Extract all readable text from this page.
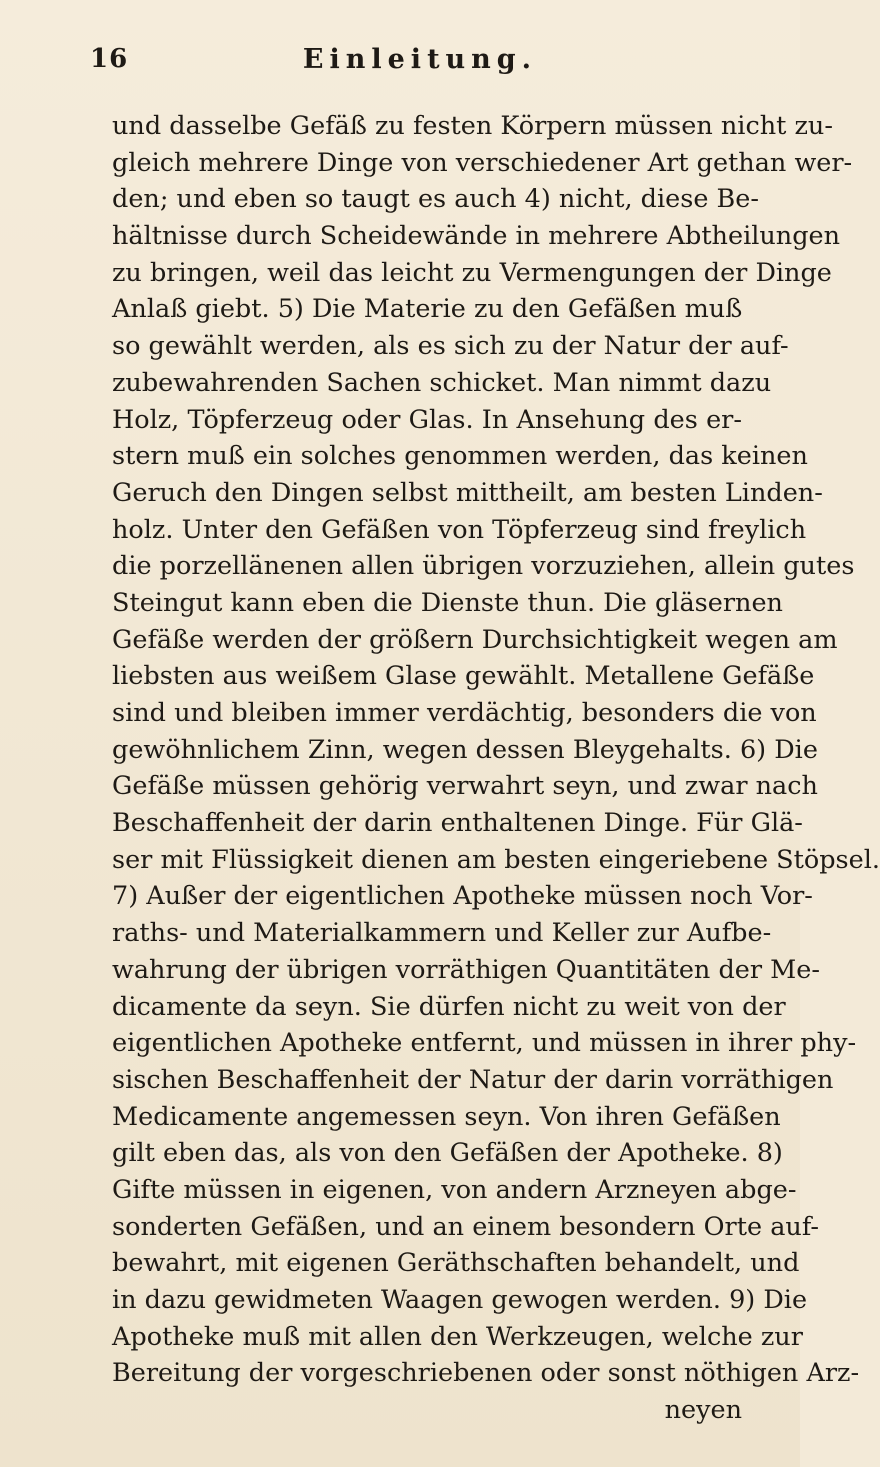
16	Einleitung.
und dasselbe Gefäß zu festen Körpern müssen nicht zu-
gleich mehrere Dinge von verschiedener Art gethan wer-
den; und eben so taugt es auch 4) nicht, diese Be-
hältnisse durch Scheidewände in mehrere Abtheilungen
zu bringen, weil das leicht zu Vermengungen der Dinge
Anlaß giebt. 5) Die Materie zu den Gefäßen muß
so gewählt werden, als es sich zu der Natur der auf-
zubewahrenden Sachen schicket. Man nimmt dazu
Holz, Töpferzeug oder Glas. In Ansehung des er-
stern muß ein solches genommen werden, das keinen
Geruch den Dingen selbst mittheilt, am besten Linden-
holz. Unter den Gefäßen von Töpferzeug sind freylich
die porzellänenen allen übrigen vorzuziehen, allein gutes
Steingut kann eben die Dienste thun. Die gläsernen
Gefäße werden der größern Durchsichtigkeit wegen am
liebsten aus weißem Glase gewählt. Metallene Gefäße
sind und bleiben immer verdächtig, besonders die von
gewöhnlichem Zinn, wegen dessen Bleygehalts. 6) Die
Gefäße müssen gehörig verwahrt seyn, und zwar nach
Beschaffenheit der darin enthaltenen Dinge. Für Glä-
ser mit Flüssigkeit dienen am besten eingeriebene Stöpsel.
7) Außer der eigentlichen Apotheke müssen noch Vor-
raths- und Materialkammern und Keller zur Aufbe-
wahrung der übrigen vorräthigen Quantitäten der Me-
dicamente da seyn. Sie dürfen nicht zu weit von der
eigentlichen Apotheke entfernt, und müssen in ihrer phy-
sischen Beschaffenheit der Natur der darin vorräthigen
Medicamente angemessen seyn. Von ihren Gefäßen
gilt eben das, als von den Gefäßen der Apotheke. 8)
Gifte müssen in eigenen, von andern Arzneyen abge-
sonderten Gefäßen, und an einem besondern Orte auf-
bewahrt, mit eigenen Geräthschaften behandelt, und
in dazu gewidmeten Waagen gewogen werden. 9) Die
Apotheke muß mit allen den Werkzeugen, welche zur
Bereitung der vorgeschriebenen oder sonst nöthigen Arz-
neyen
